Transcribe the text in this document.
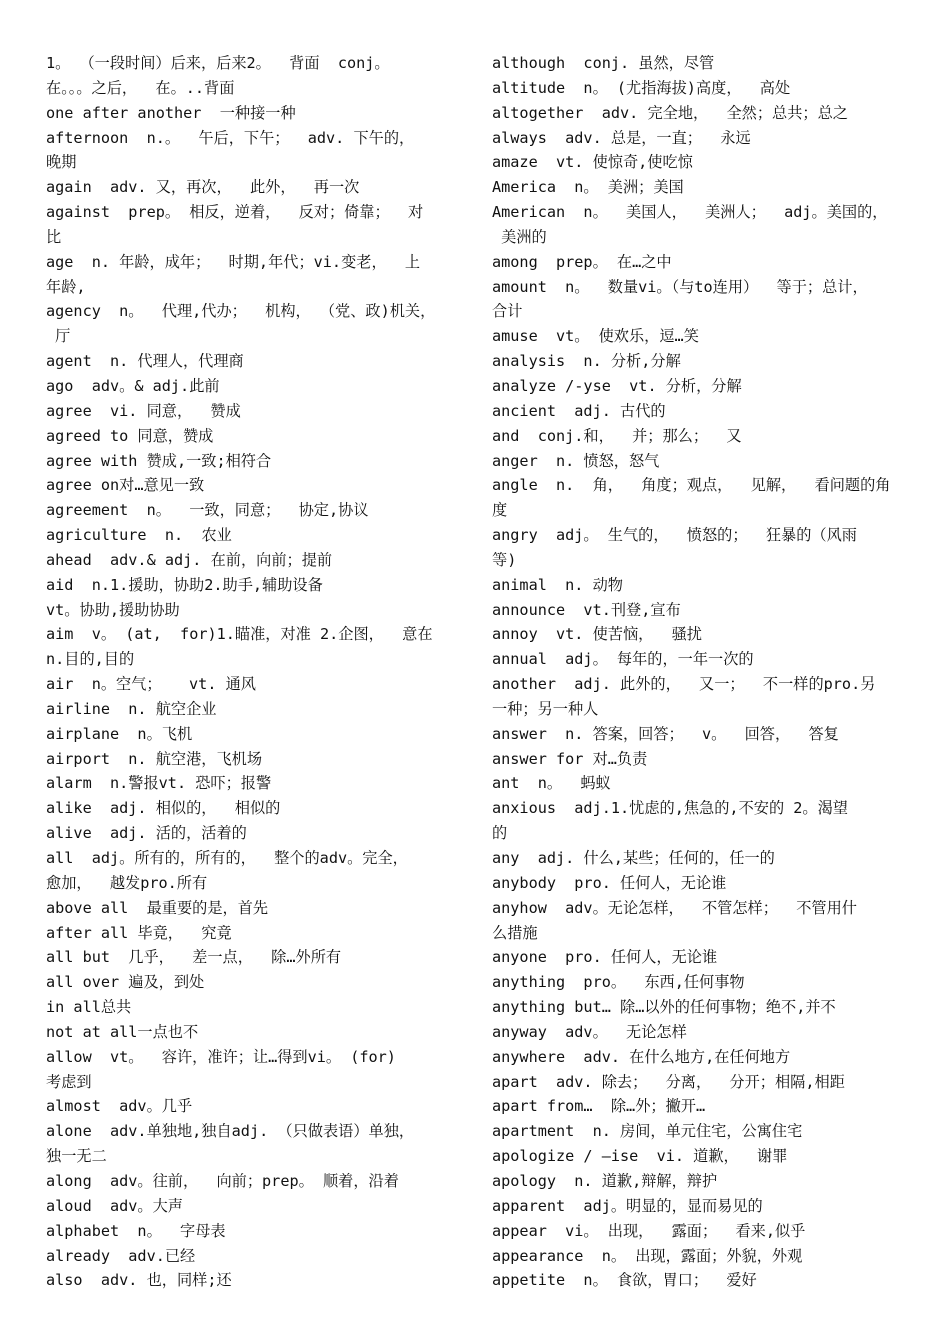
1。 （一段时间）后来，后来2。  背面  conj。
在。。。之后，  在。..背面
one after another  一种接一种
afternoon  n.。  午后，下午；  adv. 下午的，
晚期
again  adv. 又，再次，  此外，  再一次
against  prep。 相反，逆着，  反对；倚靠；  对
比
age  n. 年龄，成年；  时期,年代；vi.变老，  上
年龄,
agency  n。  代理,代办；  机构， （党、政)机关，
厅
agent  n. 代理人，代理商
ago  adv。& adj.此前
agree  vi. 同意，  赞成
agreed to 同意，赞成
agree with 赞成,一致;相符合
agree on对…意见一致
agreement  n。  一致，同意；  协定,协议
agriculture  n.  农业
ahead  adv.& adj. 在前，向前；提前
aid  n.1.援助，协助2.助手,辅助设备
vt。协助,援助协助
aim  v。 (at,  for)1.瞄准，对准 2.企图，  意在
n.目的,目的
air  n。空气；   vt. 通风
airline  n. 航空企业
airplane  n。飞机
airport  n. 航空港，飞机场
alarm  n.警报vt. 恐吓；报警
alike  adj. 相似的，  相似的
alive  adj. 活的，活着的
all  adj。所有的，所有的，  整个的adv。完全，
愈加，  越发pro.所有
above all  最重要的是，首先
after all 毕竟，  究竟
all but  几乎，  差一点，  除…外所有
all over 遍及，到处
in all总共
not at all一点也不
allow  vt。  容许，准许；让…得到vi。 (for)
考虑到
almost  adv。几乎
alone  adv.单独地,独自adj. （只做表语）单独，
独一无二
along  adv。往前，  向前；prep。 顺着，沿着
aloud  adv。大声
alphabet  n。  字母表
already  adv.已经
also  adv. 也，同样;还
although  conj. 虽然，尽管
altitude  n。 (尤指海拔)高度，  高处
altogether  adv. 完全地，  全然；总共；总之
always  adv. 总是，一直；  永远
amaze  vt. 使惊奇,使吃惊
America  n。 美洲；美国
American  n。  美国人，  美洲人；  adj。美国的，
美洲的
among  prep。 在…之中
amount  n。  数量vi。（与to连用）  等于；总计，
合计
amuse  vt。 使欢乐，逗…笑
analysis  n. 分析,分解
analyze /-yse  vt. 分析，分解
ancient  adj. 古代的
and  conj.和，  并；那么；  又
anger  n. 愤怒，怒气
angle  n.  角，  角度；观点，  见解，  看问题的角
度
angry  adj。 生气的，  愤怒的；  狂暴的（风雨
等)
animal  n. 动物
announce  vt.刊登,宣布
annoy  vt. 使苦恼，  骚扰
annual  adj。 每年的，一年一次的
another  adj. 此外的，  又一；  不一样的pro.另
一种；另一种人
answer  n. 答案，回答；  v。  回答，  答复
answer for 对…负责
ant  n。  蚂蚁
anxious  adj.1.忧虑的,焦急的,不安的 2。渴望
的
any  adj. 什么,某些；任何的，任一的
anybody  pro. 任何人，无论谁
anyhow  adv。无论怎样，  不管怎样；  不管用什
么措施
anyone  pro. 任何人，无论谁
anything  pro。  东西,任何事物
anything but… 除…以外的任何事物；绝不,并不
anyway  adv。  无论怎样
anywhere  adv. 在什么地方,在任何地方
apart  adv. 除去；  分离，  分开；相隔,相距
apart from…  除…外；撇开…
apartment  n. 房间，单元住宅，公寓住宅
apologize / —ise  vi. 道歉，  谢罪
apology  n. 道歉,辩解，辩护
apparent  adj。明显的，显而易见的
appear  vi。 出现，  露面；  看来,似乎
appearance  n。 出现，露面；外貌，外观
appetite  n。 食欲，胃口；  爱好
